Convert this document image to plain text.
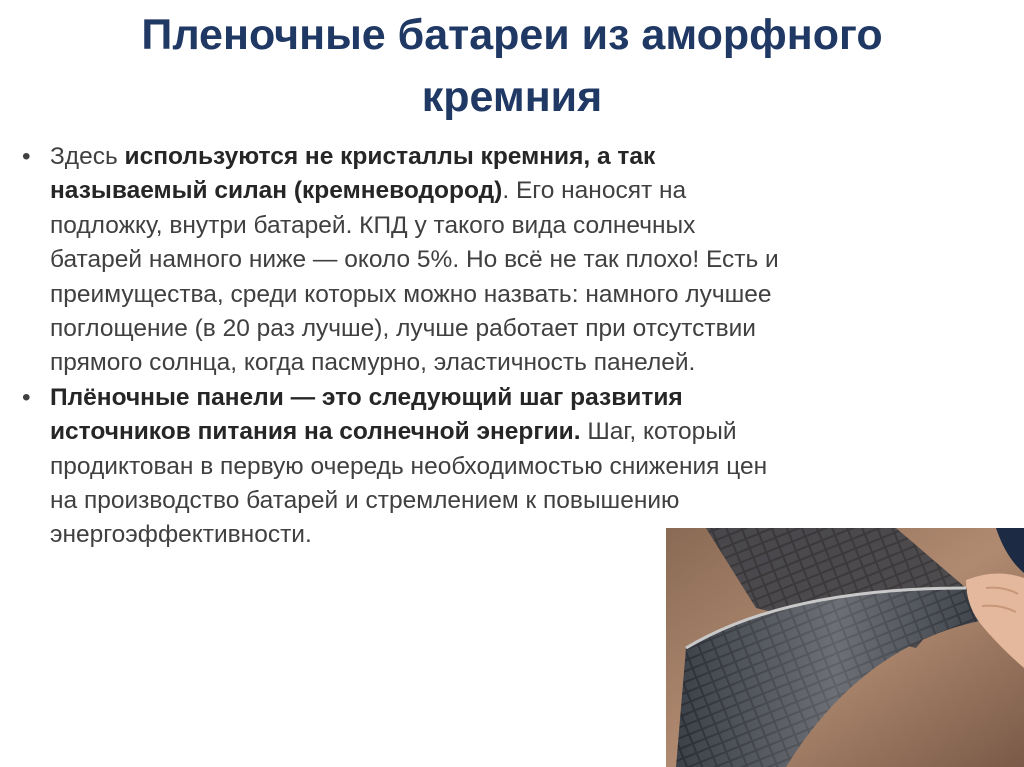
Пленочные батареи из аморфного кремния
• Здесь используются не кристаллы кремния, а так называемый силан (кремневодород). Его наносят на подложку, внутри батарей. КПД у такого вида солнечных батарей намного ниже — около 5%. Но всё не так плохо! Есть и преимущества, среди которых можно назвать: намного лучшее поглощение (в 20 раз лучше), лучше работает при отсутствии прямого солнца, когда пасмурно, эластичность панелей.
• Плёночные панели — это следующий шаг развития источников питания на солнечной энергии. Шаг, который продиктован в первую очередь необходимостью снижения цен на производство батарей и стремлением к повышению энергоэффективности.
